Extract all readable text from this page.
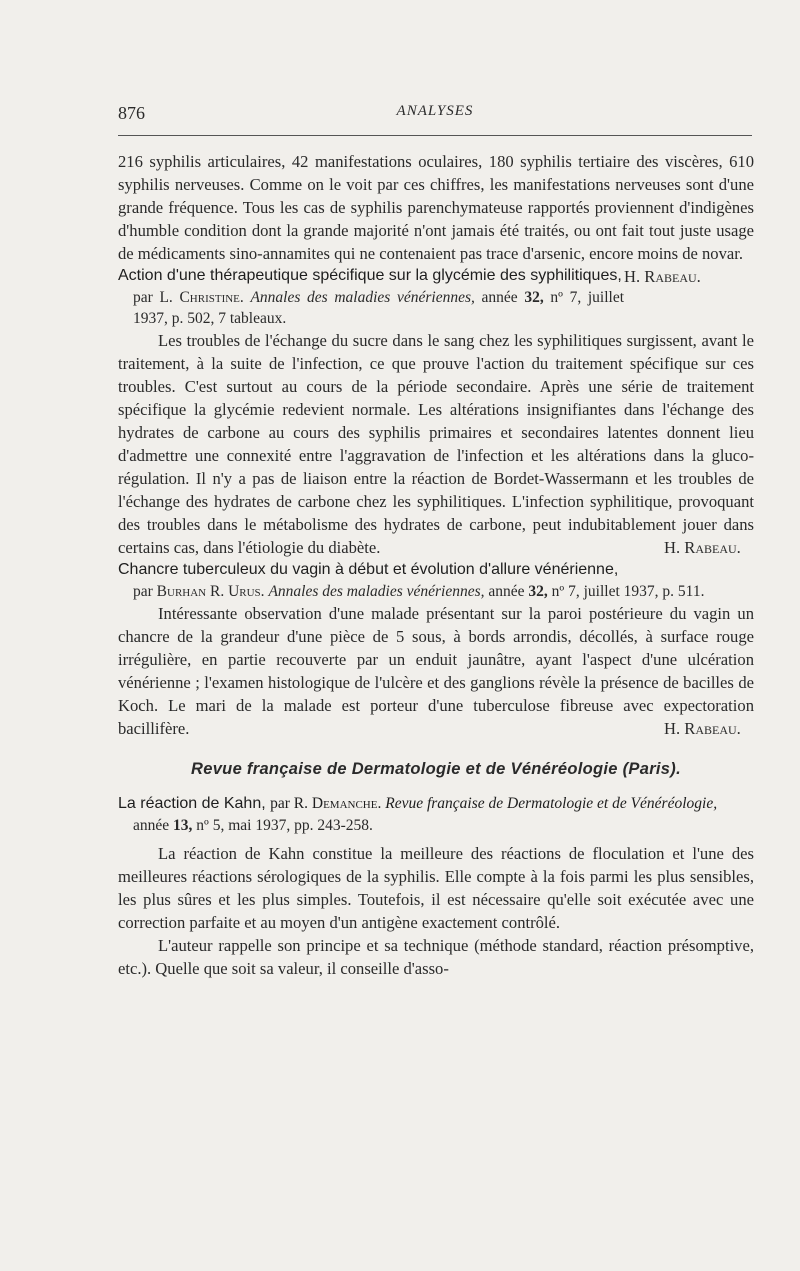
876	ANALYSES

216 syphilis articulaires, 42 manifestations oculaires, 180 syphilis tertiaire des viscères, 610 syphilis nerveuses. Comme on le voit par ces chiffres, les manifestations nerveuses sont d'une grande fréquence. Tous les cas de syphilis parenchymateuse rapportés proviennent d'indigènes d'humble condition dont la grande majorité n'ont jamais été traités, ou ont fait tout juste usage de médicaments sino-annamites qui ne contenaient pas trace d'arsenic, encore moins de novar.
H. Rabeau.

Action d'une thérapeutique spécifique sur la glycémie des syphilitiques,

par L. Christine. Annales des maladies vénériennes, année 32, nº 7, juillet 1937, p. 502, 7 tableaux.

Les troubles de l'échange du sucre dans le sang chez les syphilitiques surgissent, avant le traitement, à la suite de l'infection, ce que prouve l'action du traitement spécifique sur ces troubles. C'est surtout au cours de la période secondaire. Après une série de traitement spécifique la glycémie redevient normale. Les altérations insignifiantes dans l'échange des hydrates de carbone au cours des syphilis primaires et secondaires latentes donnent lieu d'admettre une connexité entre l'aggravation de l'infection et les altérations dans la gluco-régulation. Il n'y a pas de liaison entre la réaction de Bordet-Wassermann et les troubles de l'échange des hydrates de carbone chez les syphilitiques. L'infection syphilitique, provoquant des troubles dans le métabolisme des hydrates de carbone, peut indubitablement jouer dans certains cas, dans l'étiologie du diabète.	H. Rabeau.

Chancre tuberculeux du vagin à début et évolution d'allure vénérienne,

par Burhan R. Urus. Annales des maladies vénériennes, année 32, nº 7, juillet 1937, p. 511.

Intéressante observation d'une malade présentant sur la paroi postérieure du vagin un chancre de la grandeur d'une pièce de 5 sous, à bords arrondis, décollés, à surface rouge irrégulière, en partie recouverte par un enduit jaunâtre, ayant l'aspect d'une ulcération vénérienne ; l'examen histologique de l'ulcère et des ganglions révèle la présence de bacilles de Koch. Le mari de la malade est porteur d'une tuberculose fibreuse avec expectoration bacillifère.	H. Rabeau.

Revue française de Dermatologie et de Vénéréologie (Paris).

La réaction de Kahn, par R. Demanche. Revue française de Dermatologie et de Vénéréologie,

année 13, nº 5, mai 1937, pp. 243-258.

La réaction de Kahn constitue la meilleure des réactions de floculation et l'une des meilleures réactions sérologiques de la syphilis. Elle compte à la fois parmi les plus sensibles, les plus sûres et les plus simples. Toutefois, il est nécessaire qu'elle soit exécutée avec une correction parfaite et au moyen d'un antigène exactement contrôlé.

L'auteur rappelle son principe et sa technique (méthode standard, réaction présomptive, etc.). Quelle que soit sa valeur, il conseille d'asso-
